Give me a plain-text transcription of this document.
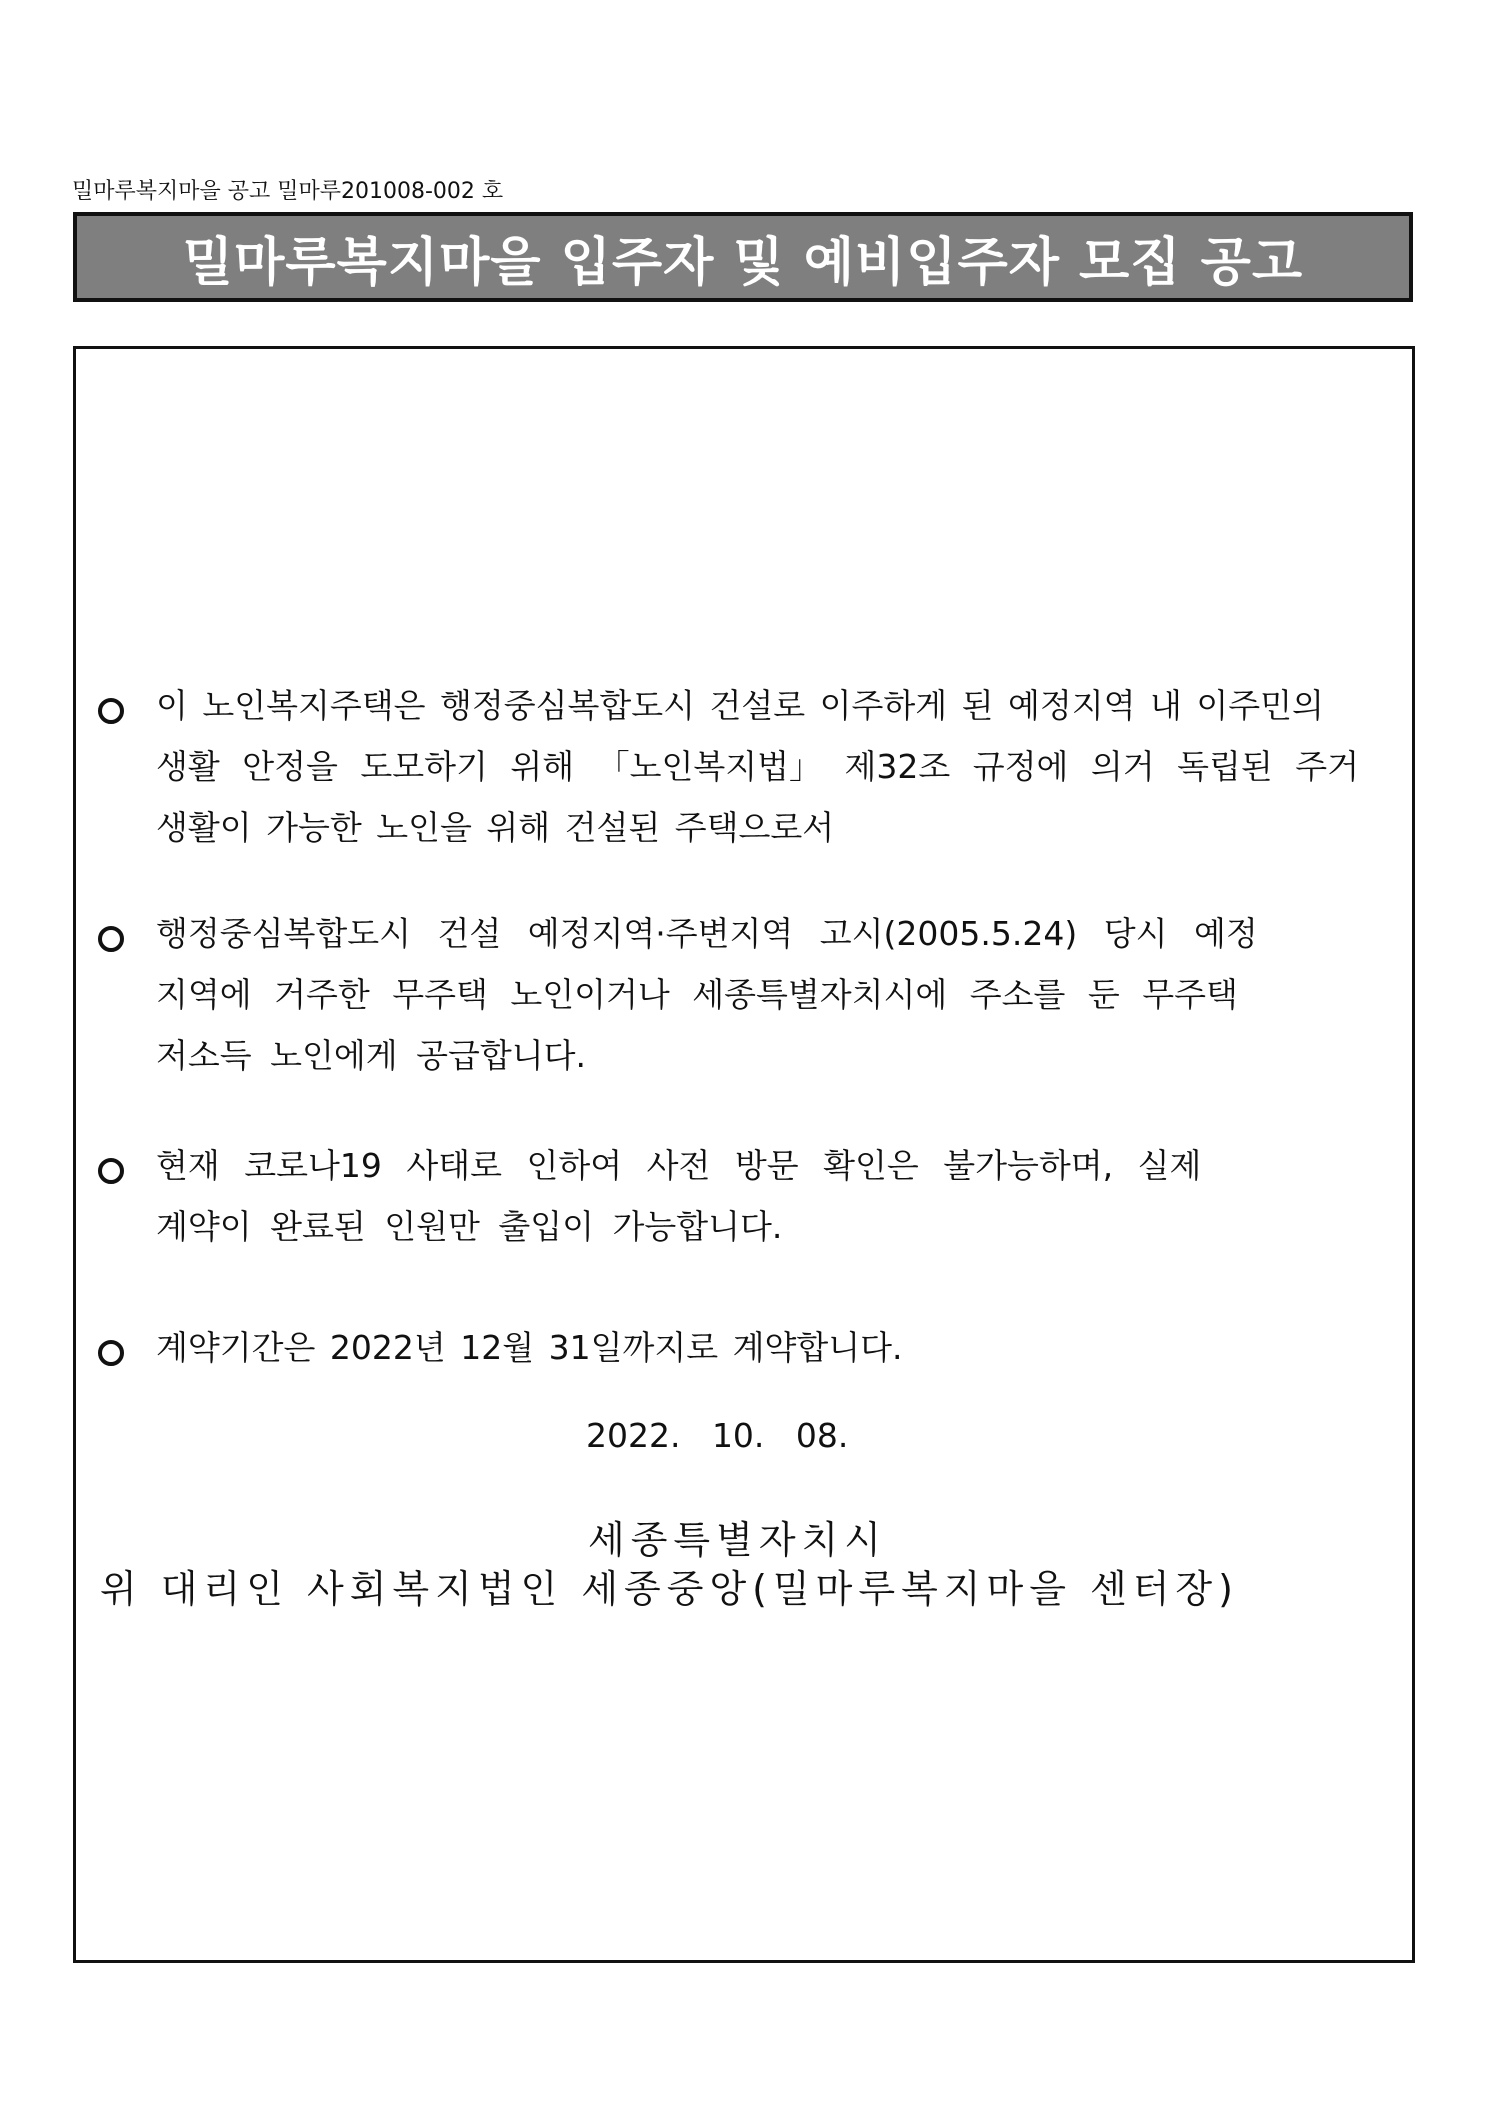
밀마루복지마을 공고 밀마루201008-002 호
밀마루복지마을 입주자 및 예비입주자 모집 공고
이 노인복지주택은 행정중심복합도시 건설로 이주하게 된 예정지역 내 이주민의
생활 안정을 도모하기 위해 「노인복지법」 제32조 규정에 의거 독립된 주거
생활이 가능한 노인을 위해 건설된 주택으로서
행정중심복합도시 건설 예정지역·주변지역 고시(2005.5.24) 당시 예정
지역에 거주한 무주택 노인이거나 세종특별자치시에 주소를 둔 무주택
저소득 노인에게 공급합니다.
현재 코로나19 사태로 인하여 사전 방문 확인은 불가능하며, 실제
계약이 완료된 인원만 출입이 가능합니다.
계약기간은 2022년 12월 31일까지로 계약합니다.
2022.   10.   08.
세종특별자치시
위 대리인 사회복지법인 세종중앙(밀마루복지마을 센터장)
